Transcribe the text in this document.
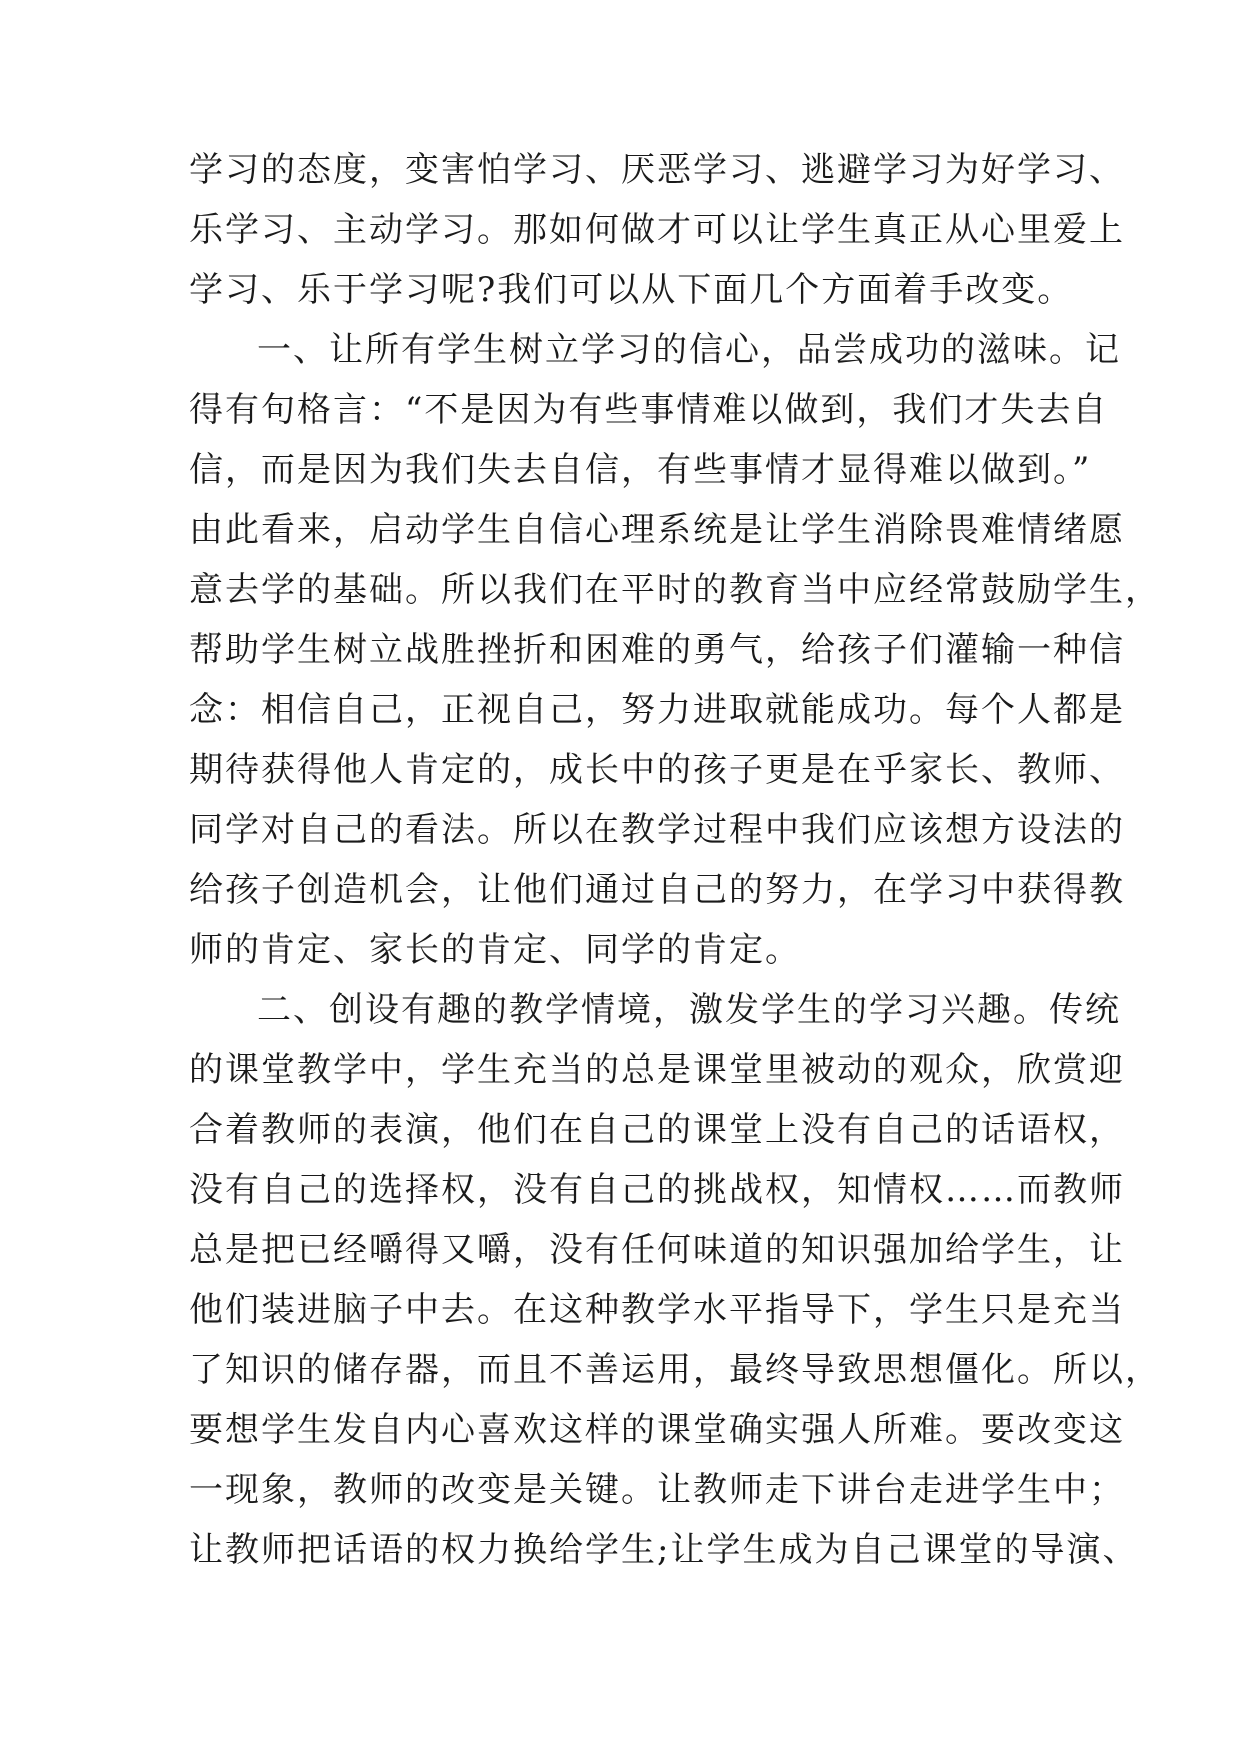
学习的态度，变害怕学习、厌恶学习、逃避学习为好学习、
乐学习、主动学习。那如何做才可以让学生真正从心里爱上
学习、乐于学习呢?我们可以从下面几个方面着手改变。
一、让所有学生树立学习的信心，品尝成功的滋味。记
得有句格言：“不是因为有些事情难以做到，我们才失去自
信，而是因为我们失去自信，有些事情才显得难以做到。”
由此看来，启动学生自信心理系统是让学生消除畏难情绪愿
意去学的基础。所以我们在平时的教育当中应经常鼓励学生，
帮助学生树立战胜挫折和困难的勇气，给孩子们灌输一种信
念：相信自己，正视自己，努力进取就能成功。每个人都是
期待获得他人肯定的，成长中的孩子更是在乎家长、教师、
同学对自己的看法。所以在教学过程中我们应该想方设法的
给孩子创造机会，让他们通过自己的努力，在学习中获得教
师的肯定、家长的肯定、同学的肯定。
二、创设有趣的教学情境，激发学生的学习兴趣。传统
的课堂教学中，学生充当的总是课堂里被动的观众，欣赏迎
合着教师的表演，他们在自己的课堂上没有自己的话语权，
没有自己的选择权，没有自己的挑战权，知情权……而教师
总是把已经嚼得又嚼，没有任何味道的知识强加给学生，让
他们装进脑子中去。在这种教学水平指导下，学生只是充当
了知识的储存器，而且不善运用，最终导致思想僵化。所以，
要想学生发自内心喜欢这样的课堂确实强人所难。要改变这
一现象，教师的改变是关键。让教师走下讲台走进学生中；
让教师把话语的权力换给学生;让学生成为自己课堂的导演、
